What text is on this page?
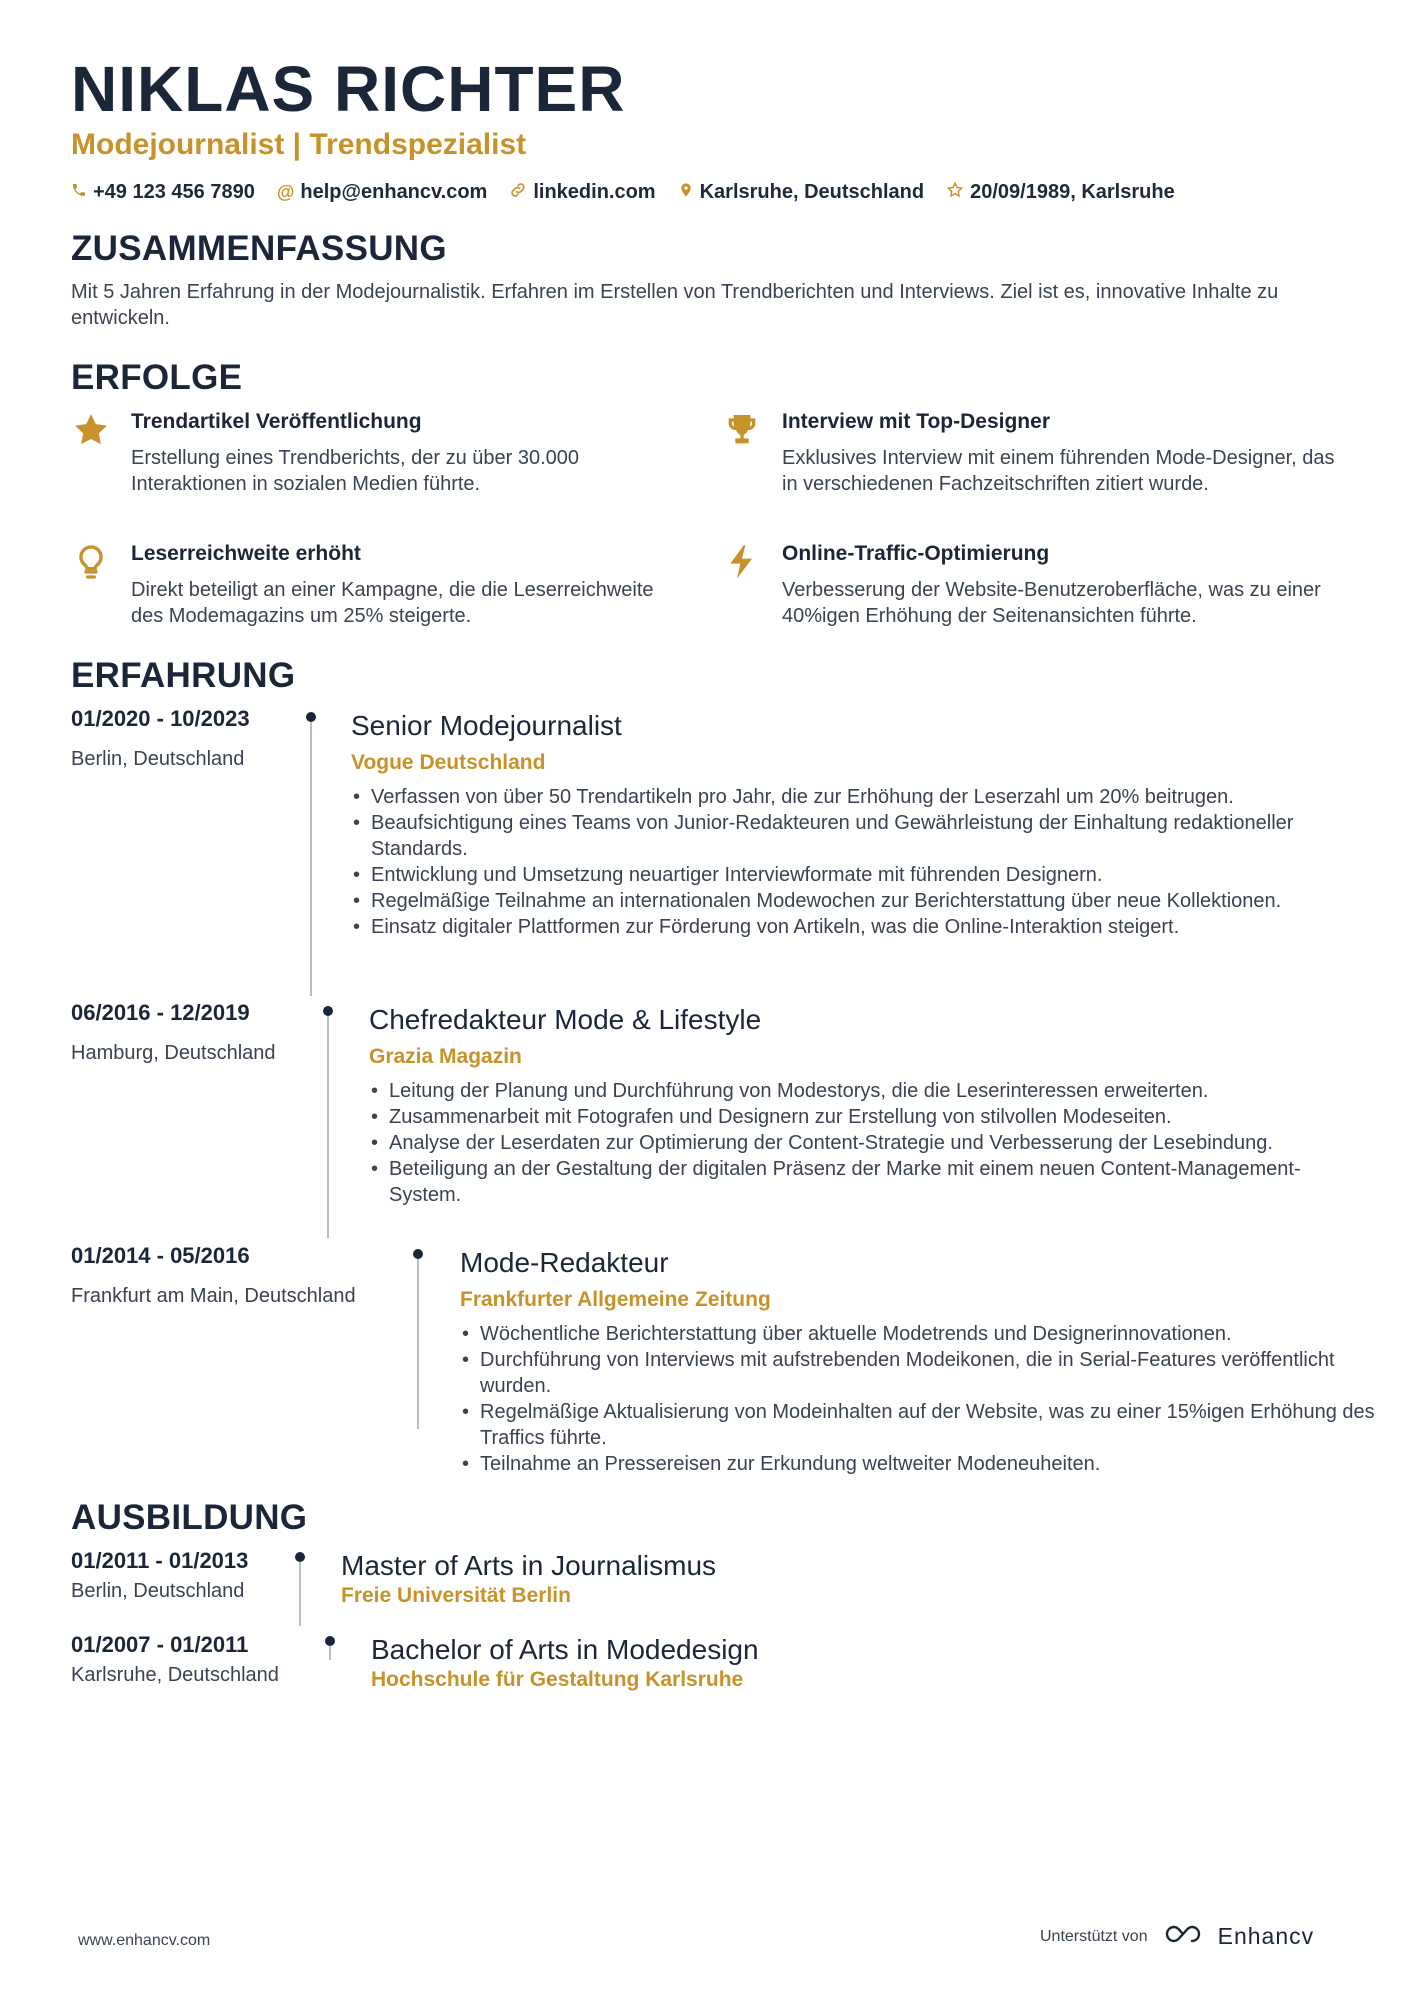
NIKLAS RICHTER
Modejournalist | Trendspezialist
+49 123 456 7890 @ help@enhancv.com linkedin.com Karlsruhe, Deutschland 20/09/1989, Karlsruhe
ZUSAMMENFASSUNG
Mit 5 Jahren Erfahrung in der Modejournalistik. Erfahren im Erstellen von Trendberichten und Interviews. Ziel ist es, innovative Inhalte zu entwickeln.
ERFOLGE
Trendartikel Veröffentlichung
Erstellung eines Trendberichts, der zu über 30.000 Interaktionen in sozialen Medien führte.
Interview mit Top-Designer
Exklusives Interview mit einem führenden Mode-Designer, das in verschiedenen Fachzeitschriften zitiert wurde.
Leserreichweite erhöht
Direkt beteiligt an einer Kampagne, die die Leserreichweite des Modemagazins um 25% steigerte.
Online-Traffic-Optimierung
Verbesserung der Website-Benutzeroberfläche, was zu einer 40%igen Erhöhung der Seitenansichten führte.
ERFAHRUNG
01/2020 - 10/2023
Berlin, Deutschland
Senior Modejournalist
Vogue Deutschland
• Verfassen von über 50 Trendartikeln pro Jahr, die zur Erhöhung der Leserzahl um 20% beitrugen.
• Beaufsichtigung eines Teams von Junior-Redakteuren und Gewährleistung der Einhaltung redaktioneller Standards.
• Entwicklung und Umsetzung neuartiger Interviewformate mit führenden Designern.
• Regelmäßige Teilnahme an internationalen Modewochen zur Berichterstattung über neue Kollektionen.
• Einsatz digitaler Plattformen zur Förderung von Artikeln, was die Online-Interaktion steigert.
06/2016 - 12/2019
Hamburg, Deutschland
Chefredakteur Mode & Lifestyle
Grazia Magazin
• Leitung der Planung und Durchführung von Modestorys, die die Leserinteressen erweiterten.
• Zusammenarbeit mit Fotografen und Designern zur Erstellung von stilvollen Modeseiten.
• Analyse der Leserdaten zur Optimierung der Content-Strategie und Verbesserung der Lesebindung.
• Beteiligung an der Gestaltung der digitalen Präsenz der Marke mit einem neuen Content-Management-System.
01/2014 - 05/2016
Frankfurt am Main, Deutschland
Mode-Redakteur
Frankfurter Allgemeine Zeitung
• Wöchentliche Berichterstattung über aktuelle Modetrends und Designerinnovationen.
• Durchführung von Interviews mit aufstrebenden Modeikonen, die in Serial-Features veröffentlicht wurden.
• Regelmäßige Aktualisierung von Modeinhalten auf der Website, was zu einer 15%igen Erhöhung des Traffics führte.
• Teilnahme an Pressereisen zur Erkundung weltweiter Modeneuheiten.
AUSBILDUNG
01/2011 - 01/2013
Berlin, Deutschland
Master of Arts in Journalismus
Freie Universität Berlin
01/2007 - 01/2011
Karlsruhe, Deutschland
Bachelor of Arts in Modedesign
Hochschule für Gestaltung Karlsruhe
www.enhancv.com	Unterstützt von	Enhancv
